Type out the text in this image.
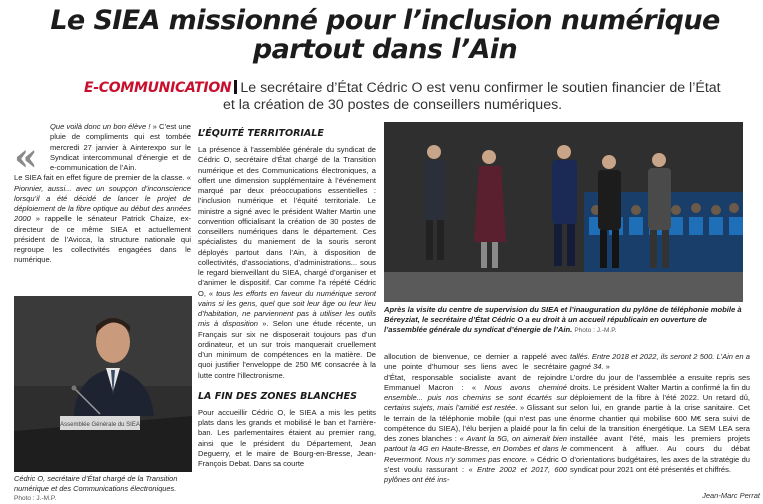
Le SIEA missionné pour l’inclusion numérique
partout dans l’Ain
E-COMMUNICATION Le secrétaire d’État Cédric O est venu confirmer le soutien financier de l’État
et la création de 30 postes de conseillers numériques.

Que voilà donc un bon élève ! » C’est une pluie de compliments qui est tombée mercredi 27 janvier à Ainterexpo sur le Syndicat intercommunal d’énergie et de e-communication de l’Ain.

Le SIEA fait en effet figure de premier de la classe. « Pionnier, aussi... avec un soupçon d’inconscience lorsqu’il a été décidé de lancer le projet de déploiement de la fibre optique au début des années 2000 » rappelle le sénateur Patrick Chaize, ex-directeur de ce même SIEA et actuellement président de l’Avicca, la structure nationale qui regroupe les collectivités engagées dans le numérique.

«
Assemblée Générale du SIEA
Cédric O, secrétaire d’État chargé de la Transition numérique et des Communications électroniques. Photo : J.-M.P.
L’ÉQUITÉ TERRITORIALE

La présence à l’assemblée générale du syndicat de Cédric O, secrétaire d’État chargé de la Transition numérique et des Communications électroniques, a offert une dimension supplémentaire à l’événement marqué par deux préoccupations essentielles : l’inclusion numérique et l’équité territoriale. Le ministre a signé avec le président Walter Martin une convention officialisant la création de 30 postes de conseillers numériques dans le département. Ces spécialistes du maniement de la souris seront déployés partout dans l’Ain, à disposition de collectivités, d’associations, d’administrations... sous le regard bienveillant du SIEA, chargé d’organiser et d’animer le dispositif. Car comme l’a répété Cédric O, « tous les efforts en faveur du numérique seront vains si les gens, quel que soit leur âge ou leur lieu d’habitation, ne parviennent pas à utiliser les outils mis à disposition ». Selon une étude récente, un Français sur six ne disposerait toujours pas d’un ordinateur, et un sur trois manquerait cruellement d’un minimum de compétences en la matière. De quoi justifier l’enveloppe de 250 M€ consacrée à la lutte contre l’illectronisme.

LA FIN DES ZONES BLANCHES

Pour accueillir Cédric O, le SIEA a mis les petits plats dans les grands et mobilisé le ban et l’arrière-ban. Les parlementaires étaient au premier rang, ainsi que le président du Département, Jean Deguerry, et le maire de Bourg-en-Bresse, Jean-François Debat. Dans sa courte

Après la visite du centre de supervision du SIEA et l’inauguration du pylône de téléphonie mobile à Béreyziat, le secrétaire d’État Cédric O a eu droit à un accueil républicain en ouverture de l’assemblée générale du syndicat d’énergie de l’Ain. Photo : J.-M.P.

allocution de bienvenue, ce dernier a rappelé avec une pointe d’humour ses liens avec le secrétaire d’État, responsable socialiste avant de rejoindre Emmanuel Macron : « Nous avons cheminé ensemble... puis nos chemins se sont écartés sur certains sujets, mais l’amitié est restée. » Glissant sur le terrain de la téléphonie mobile (qui n’est pas une compétence du SIEA), l’élu berjien a plaidé pour la fin des zones blanches : « Avant la 5G, on aimerait bien partout la 4G en Haute-Bresse, en Dombes et dans le Revermont. Nous n’y sommes pas encore. » Cédric O s’est voulu rassurant : « Entre 2002 et 2017, 600 pylônes ont été ins-

tallés. Entre 2018 et 2022, ils seront 2 500. L’Ain en a gagné 34. »

L’ordre du jour de l’assemblée a ensuite repris ses droits. Le président Walter Martin a confirmé la fin du déploiement de la fibre à l’été 2022. Un retard dû, selon lui, en grande partie à la crise sanitaire. Cet énorme chantier qui mobilise 600 M€ sera suivi de celui de la transition énergétique. La SEM LEA sera installée avant l’été, mais les premiers projets commencent à affluer. Au cours du débat d’orientations budgétaires, les axes de la stratégie du syndicat pour 2021 ont été présentés et chiffrés.

Jean-Marc Perrat
